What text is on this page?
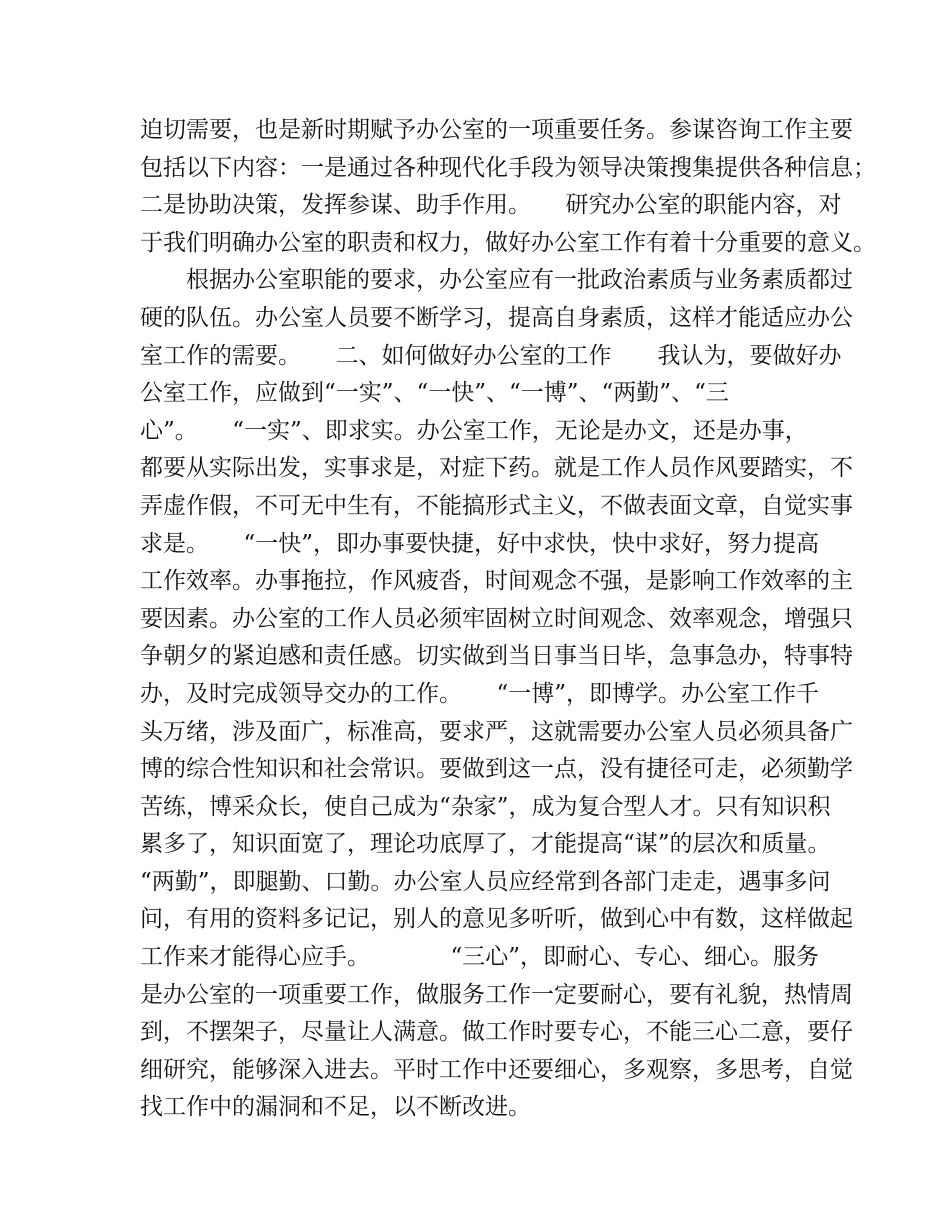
迫切需要，也是新时期赋予办公室的一项重要任务。参谋咨询工作主要
包括以下内容：一是通过各种现代化手段为领导决策搜集提供各种信息；
二是协助决策，发挥参谋、助手作用。　　研究办公室的职能内容，对
于我们明确办公室的职责和权力，做好办公室工作有着十分重要的意义。
　　根据办公室职能的要求，办公室应有一批政治素质与业务素质都过
硬的队伍。办公室人员要不断学习，提高自身素质，这样才能适应办公
室工作的需要。　　二、如何做好办公室的工作　　我认为，要做好办
公室工作，应做到“一实”、“一快”、“一博”、“两勤”、“三
心”。　　“一实”、即求实。办公室工作，无论是办文，还是办事，
都要从实际出发，实事求是，对症下药。就是工作人员作风要踏实，不
弄虚作假，不可无中生有，不能搞形式主义，不做表面文章，自觉实事
求是。　　“一快”，即办事要快捷，好中求快，快中求好，努力提高
工作效率。办事拖拉，作风疲沓，时间观念不强，是影响工作效率的主
要因素。办公室的工作人员必须牢固树立时间观念、效率观念，增强只
争朝夕的紧迫感和责任感。切实做到当日事当日毕，急事急办，特事特
办，及时完成领导交办的工作。　　“一博”，即博学。办公室工作千
头万绪，涉及面广，标准高，要求严，这就需要办公室人员必须具备广
博的综合性知识和社会常识。要做到这一点，没有捷径可走，必须勤学
苦练，博采众长，使自己成为“杂家”，成为复合型人才。只有知识积
累多了，知识面宽了，理论功底厚了，才能提高“谋”的层次和质量。
“两勤”，即腿勤、口勤。办公室人员应经常到各部门走走，遇事多问
问，有用的资料多记记，别人的意见多听听，做到心中有数，这样做起
工作来才能得心应手。　　　　“三心”，即耐心、专心、细心。服务
是办公室的一项重要工作，做服务工作一定要耐心，要有礼貌，热情周
到，不摆架子，尽量让人满意。做工作时要专心，不能三心二意，要仔
细研究，能够深入进去。平时工作中还要细心，多观察，多思考，自觉
找工作中的漏洞和不足，以不断改进。
